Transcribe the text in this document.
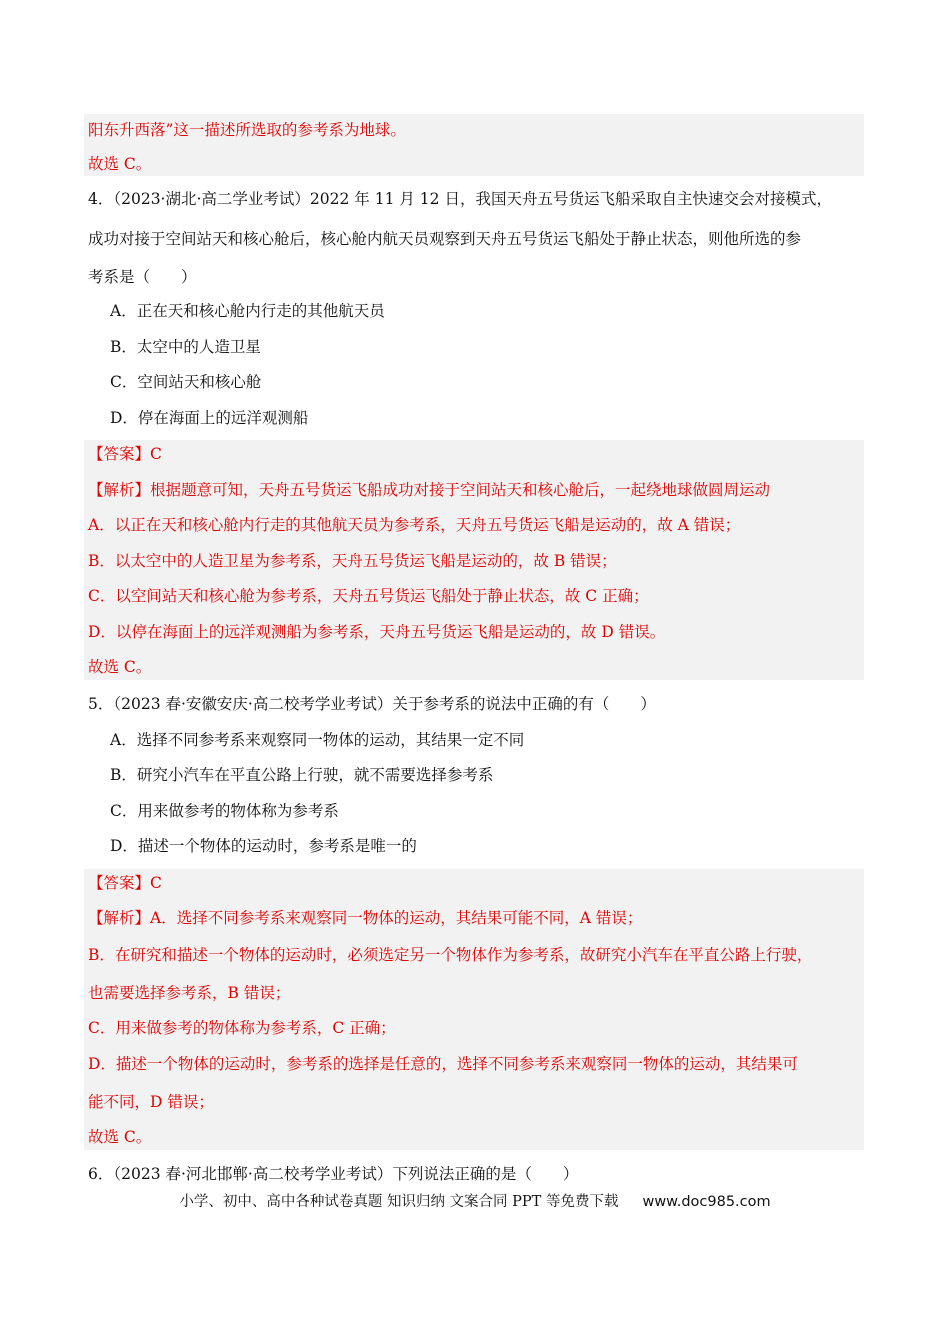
阳东升西落”这一描述所选取的参考系为地球。
故选 C。
4．（2023·湖北·高二学业考试）2022 年 11 月 12 日，我国天舟五号货运飞船采取自主快速交会对接模式，
成功对接于空间站天和核心舱后，核心舱内航天员观察到天舟五号货运飞船处于静止状态，则他所选的参
考系是（　　）
A．正在天和核心舱内行走的其他航天员
B．太空中的人造卫星
C．空间站天和核心舱
D．停在海面上的远洋观测船
【答案】C
【解析】根据题意可知，天舟五号货运飞船成功对接于空间站天和核心舱后，一起绕地球做圆周运动
A．以正在天和核心舱内行走的其他航天员为参考系，天舟五号货运飞船是运动的，故 A 错误；
B．以太空中的人造卫星为参考系，天舟五号货运飞船是运动的，故 B 错误；
C．以空间站天和核心舱为参考系，天舟五号货运飞船处于静止状态，故 C 正确；
D．以停在海面上的远洋观测船为参考系，天舟五号货运飞船是运动的，故 D 错误。
故选 C。
5．（2023 春·安徽安庆·高二校考学业考试）关于参考系的说法中正确的有（　　）
A．选择不同参考系来观察同一物体的运动，其结果一定不同
B．研究小汽车在平直公路上行驶，就不需要选择参考系
C．用来做参考的物体称为参考系
D．描述一个物体的运动时，参考系是唯一的
【答案】C
【解析】A．选择不同参考系来观察同一物体的运动，其结果可能不同，A 错误；
B．在研究和描述一个物体的运动时，必须选定另一个物体作为参考系，故研究小汽车在平直公路上行驶，
也需要选择参考系，B 错误；
C．用来做参考的物体称为参考系，C 正确；
D．描述一个物体的运动时，参考系的选择是任意的，选择不同参考系来观察同一物体的运动，其结果可
能不同，D 错误；
故选 C。
6．（2023 春·河北邯郸·高二校考学业考试）下列说法正确的是（　　）
小学、初中、高中各种试卷真题 知识归纳 文案合同 PPT 等免费下载 www.doc985.com
